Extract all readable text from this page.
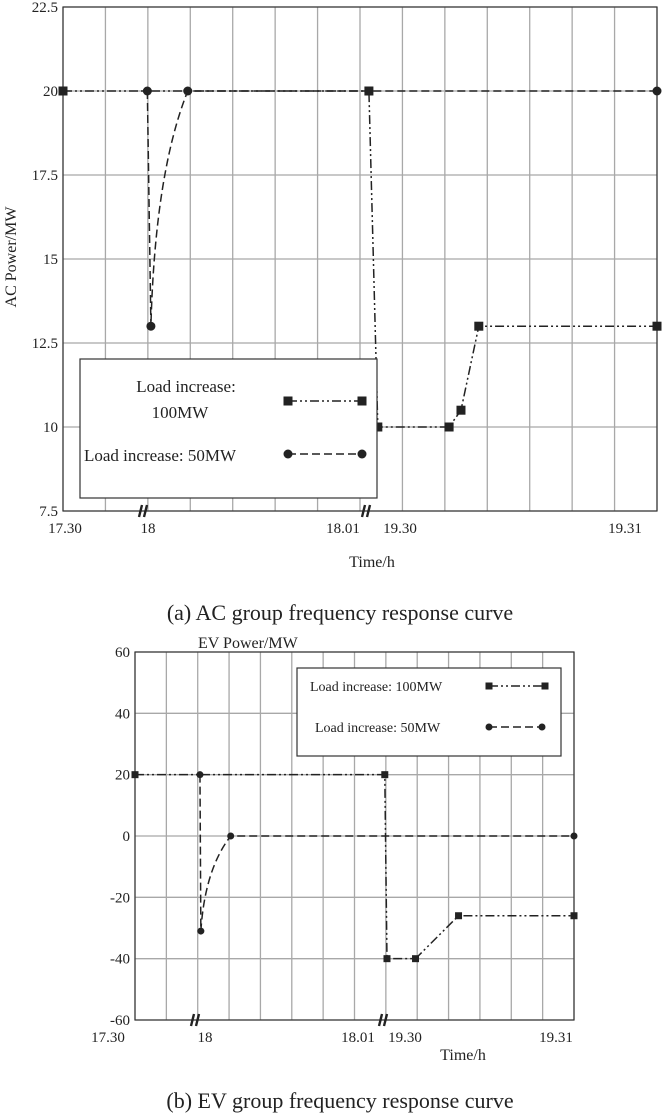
7.5
10
12.5
15
17.5
20
22.5
17.30	18	18.01 19.30	19.31
Time/h
AC Power/MW
Load increase:
100MW
Load increase: 50MW
(a) AC group frequency response curve
-60
-40
-20
0
20
40
60
17.30	18	18.01 19.30	19.31
Time/h
EV Power/MW
Load increase: 100MW
Load increase: 50MW
(b) EV group frequency response curve
